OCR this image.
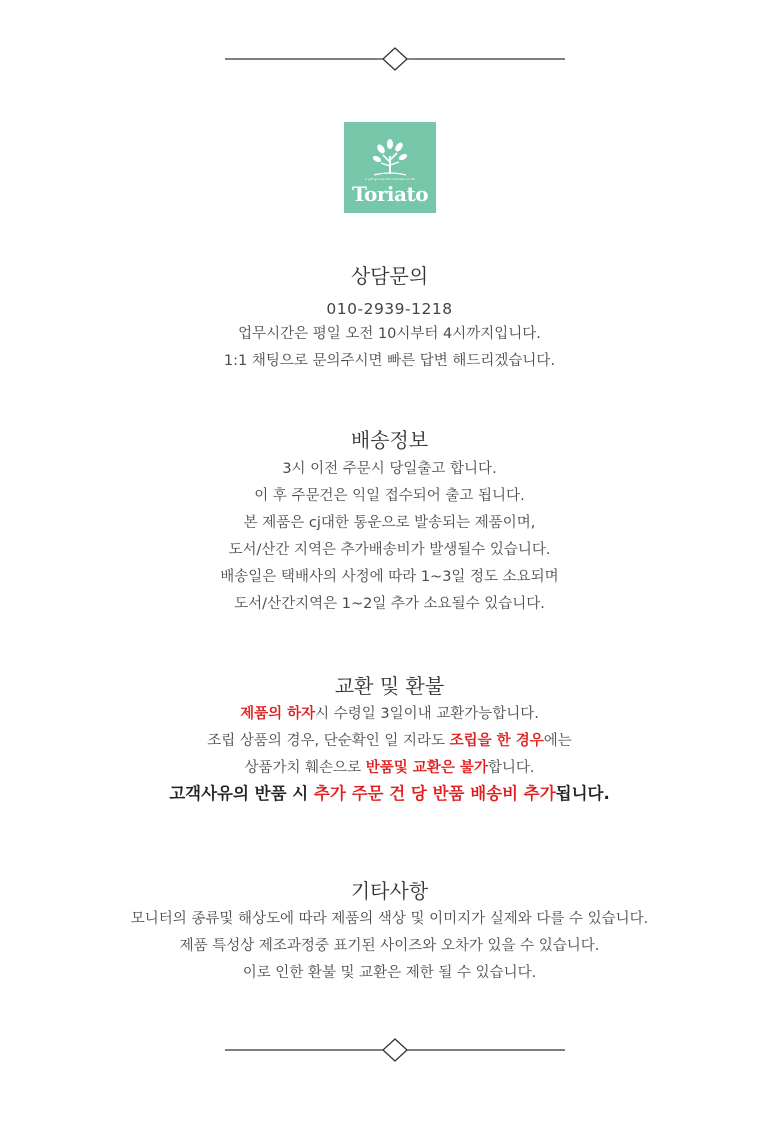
a gift giving the richness of life
Toriato
상담문의
010-2939-1218
업무시간은 평일 오전 10시부터 4시까지입니다.
1:1 채팅으로 문의주시면 빠른 답변 해드리겠습니다.
배송정보
3시 이전 주문시 당일출고 합니다.
이 후 주문건은 익일 접수되어 출고 됩니다.
본 제품은 cj대한 통운으로 발송되는 제품이며,
도서/산간 지역은 추가배송비가 발생될수 있습니다.
배송일은 택배사의 사정에 따라 1~3일 정도 소요되며
도서/산간지역은 1~2일 추가 소요될수 있습니다.
교환 및 환불
제품의 하자시 수령일 3일이내 교환가능합니다.
조립 상품의 경우, 단순확인 일 지라도 조립을 한 경우에는
상품가치 훼손으로 반품및 교환은 불가합니다.
고객사유의 반품 시 추가 주문 건 당 반품 배송비 추가됩니다.
기타사항
모니터의 종류및 해상도에 따라 제품의 색상 및 이미지가 실제와 다를 수 있습니다.
제품 특성상 제조과정중 표기된 사이즈와 오차가 있을 수 있습니다.
이로 인한 환불 및 교환은 제한 될 수 있습니다.
